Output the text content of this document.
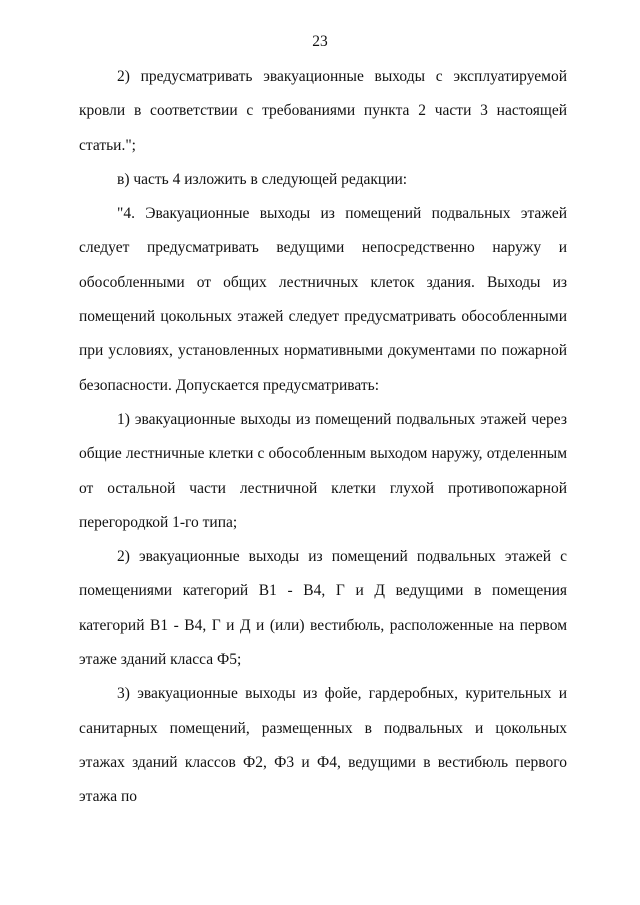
23

2) предусматривать эвакуационные выходы с эксплуатируемой кровли в соответствии с требованиями пункта 2 части 3 настоящей статьи.";

в) часть 4 изложить в следующей редакции:

"4. Эвакуационные выходы из помещений подвальных этажей следует предусматривать ведущими непосредственно наружу и обособленными от общих лестничных клеток здания. Выходы из помещений цокольных этажей следует предусматривать обособленными при условиях, установленных нормативными документами по пожарной безопасности. Допускается предусматривать:

1) эвакуационные выходы из помещений подвальных этажей через общие лестничные клетки с обособленным выходом наружу, отделенным от остальной части лестничной клетки глухой противопожарной перегородкой 1-го типа;

2) эвакуационные выходы из помещений подвальных этажей с помещениями категорий В1 - В4, Г и Д ведущими в помещения категорий В1 - В4, Г и Д и (или) вестибюль, расположенные на первом этаже зданий класса Ф5;

3) эвакуационные выходы из фойе, гардеробных, курительных и санитарных помещений, размещенных в подвальных и цокольных этажах зданий классов Ф2, Ф3 и Ф4, ведущими в вестибюль первого этажа по
